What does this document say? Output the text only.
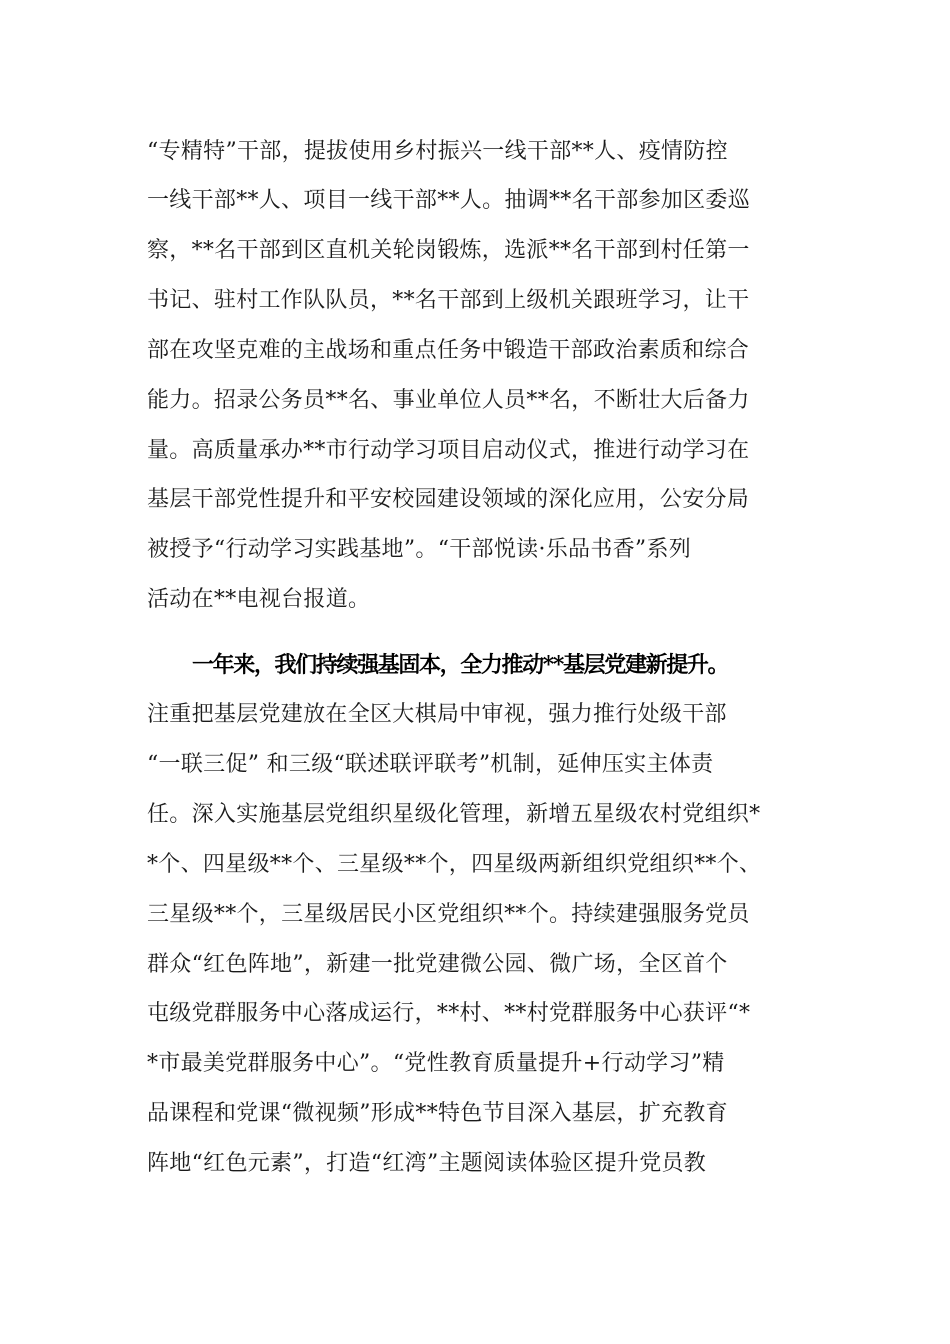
“专精特”干部，提拔使用乡村振兴一线干部**人、疫情防控
一线干部**人、项目一线干部**人。抽调**名干部参加区委巡
察，**名干部到区直机关轮岗锻炼，选派**名干部到村任第一
书记、驻村工作队队员，**名干部到上级机关跟班学习，让干
部在攻坚克难的主战场和重点任务中锻造干部政治素质和综合
能力。招录公务员**名、事业单位人员**名，不断壮大后备力
量。高质量承办**市行动学习项目启动仪式，推进行动学习在
基层干部党性提升和平安校园建设领域的深化应用，公安分局
被授予“行动学习实践基地”。“干部悦读·乐品书香”系列
活动在**电视台报道。
一年来，我们持续强基固本，全力推动**基层党建新提升。
注重把基层党建放在全区大棋局中审视，强力推行处级干部
“一联三促” 和三级“联述联评联考”机制，延伸压实主体责
任。深入实施基层党组织星级化管理，新增五星级农村党组织*
*个、四星级**个、三星级**个，四星级两新组织党组织**个、
三星级**个，三星级居民小区党组织**个。持续建强服务党员
群众“红色阵地”，新建一批党建微公园、微广场，全区首个
屯级党群服务中心落成运行，**村、**村党群服务中心获评“*
*市最美党群服务中心”。“党性教育质量提升+行动学习”精
品课程和党课“微视频”形成**特色节目深入基层，扩充教育
阵地“红色元素”，打造“红湾”主题阅读体验区提升党员教
